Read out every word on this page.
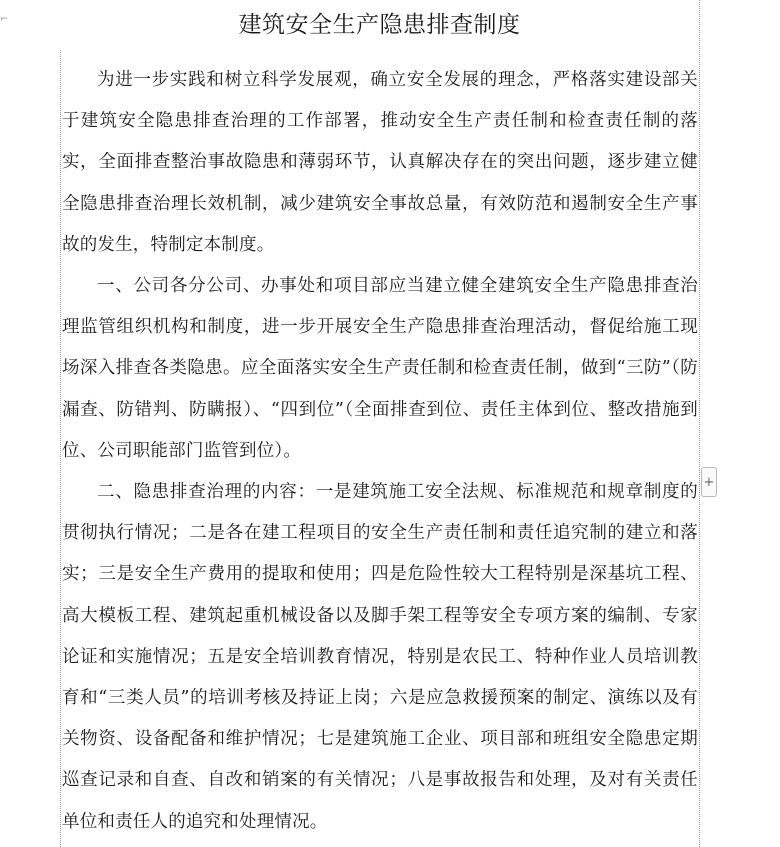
⌐	建筑安全生产隐患排查制度

为进一步实践和树立科学发展观，确立安全发展的理念，严格落实建设部关于建筑安全隐患排查治理的工作部署，推动安全生产责任制和检查责任制的落实，全面排查整治事故隐患和薄弱环节，认真解决存在的突出问题，逐步建立健全隐患排查治理长效机制，减少建筑安全事故总量，有效防范和遏制安全生产事故的发生，特制定本制度。

一、公司各分公司、办事处和项目部应当建立健全建筑安全生产隐患排查治理监管组织机构和制度，进一步开展安全生产隐患排查治理活动，督促给施工现场深入排查各类隐患。应全面落实安全生产责任制和检查责任制，做到“三防”（防漏查、防错判、防瞒报）、“四到位”（全面排查到位、责任主体到位、整改措施到位、公司职能部门监管到位）。

二、隐患排查治理的内容：一是建筑施工安全法规、标准规范和规章制度的贯彻执行情况；二是各在建工程项目的安全生产责任制和责任追究制的建立和落实；三是安全生产费用的提取和使用；四是危险性较大工程特别是深基坑工程、高大模板工程、建筑起重机械设备以及脚手架工程等安全专项方案的编制、专家论证和实施情况；五是安全培训教育情况，特别是农民工、特种作业人员培训教育和“三类人员”的培训考核及持证上岗；六是应急救援预案的制定、演练以及有关物资、设备配备和维护情况；七是建筑施工企业、项目部和班组安全隐患定期巡查记录和自查、自改和销案的有关情况；八是事故报告和处理，及对有关责任单位和责任人的追究和处理情况。

+
